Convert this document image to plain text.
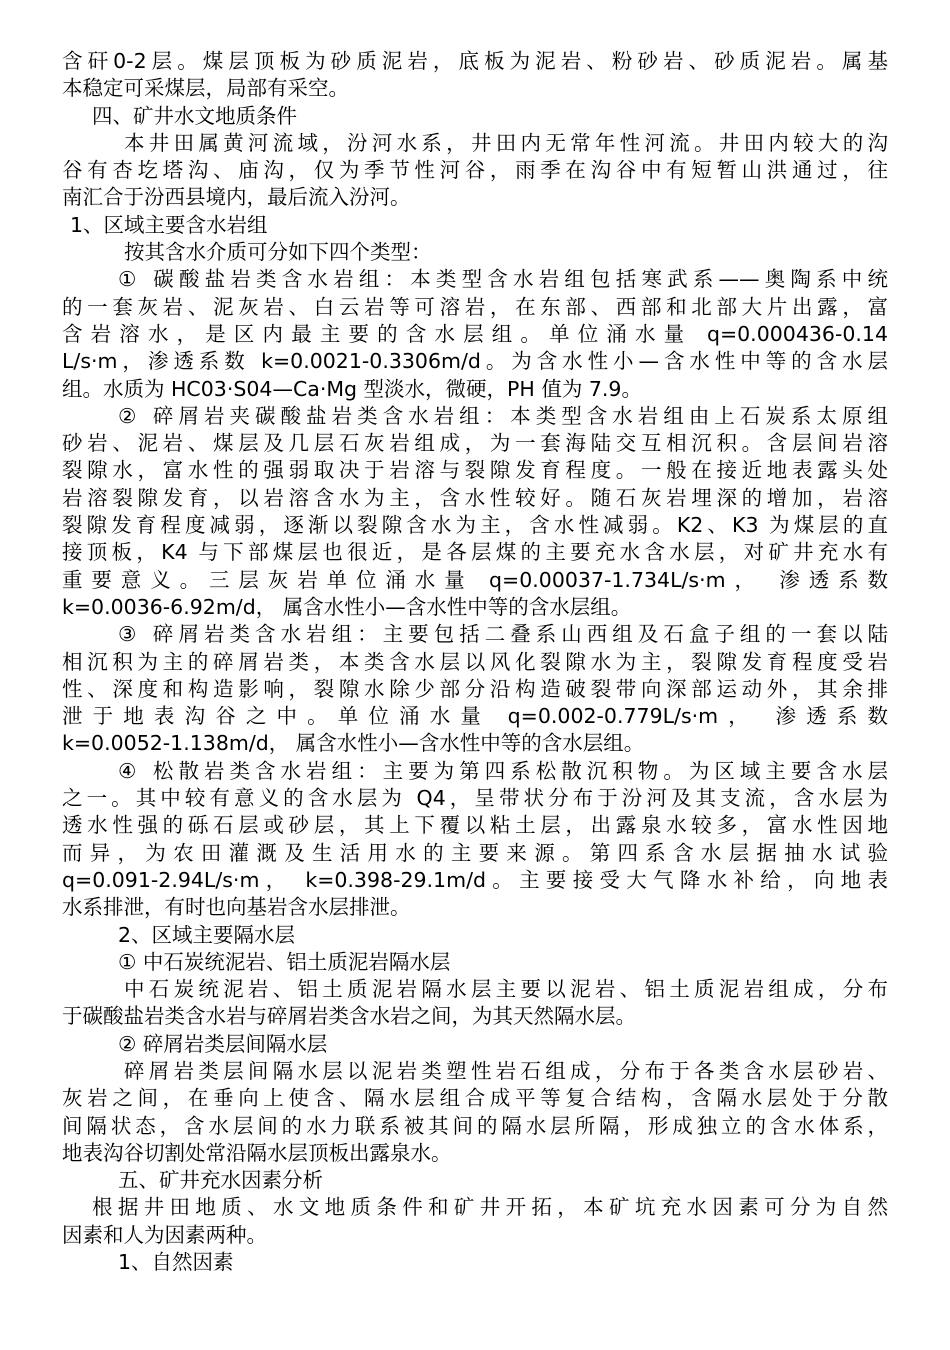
含矸0-2层。煤层顶板为砂质泥岩，底板为泥岩、粉砂岩、砂质泥岩。属基
本稳定可采煤层，局部有采空。
四、矿井水文地质条件
本井田属黄河流域，汾河水系，井田内无常年性河流。井田内较大的沟
谷有杏圪塔沟、庙沟，仅为季节性河谷，雨季在沟谷中有短暂山洪通过，往
南汇合于汾西县境内，最后流入汾河。
1、区域主要含水岩组
按其含水介质可分如下四个类型：
① 碳酸盐岩类含水岩组：本类型含水岩组包括寒武系——奥陶系中统
的一套灰岩、泥灰岩、白云岩等可溶岩，在东部、西部和北部大片出露，富
含岩溶水，是区内最主要的含水层组。单位涌水量 q=0.000436-0.14
L/s·m，渗透系数 k=0.0021-0.3306m/d。为含水性小—含水性中等的含水层
组。水质为 HC03·S04—Ca·Mg 型淡水，微硬，PH 值为 7.9。
② 碎屑岩夹碳酸盐岩类含水岩组：本类型含水岩组由上石炭系太原组
砂岩、泥岩、煤层及几层石灰岩组成，为一套海陆交互相沉积。含层间岩溶
裂隙水，富水性的强弱取决于岩溶与裂隙发育程度。一般在接近地表露头处
岩溶裂隙发育，以岩溶含水为主，含水性较好。随石灰岩埋深的增加，岩溶
裂隙发育程度减弱，逐渐以裂隙含水为主，含水性减弱。K2、K3 为煤层的直
接顶板，K4 与下部煤层也很近，是各层煤的主要充水含水层，对矿井充水有
重要意义。三层灰岩单位涌水量 q=0.00037-1.734L/s·m， 渗透系数
k=0.0036-6.92m/d， 属含水性小—含水性中等的含水层组。
③ 碎屑岩类含水岩组：主要包括二叠系山西组及石盒子组的一套以陆
相沉积为主的碎屑岩类，本类含水层以风化裂隙水为主，裂隙发育程度受岩
性、深度和构造影响，裂隙水除少部分沿构造破裂带向深部运动外，其余排
泄于地表沟谷之中。单位涌水量 q=0.002-0.779L/s·m， 渗透系数
k=0.0052-1.138m/d， 属含水性小—含水性中等的含水层组。
④ 松散岩类含水岩组：主要为第四系松散沉积物。为区域主要含水层
之一。其中较有意义的含水层为 Q4，呈带状分布于汾河及其支流，含水层为
透水性强的砾石层或砂层，其上下覆以粘土层，出露泉水较多，富水性因地
而异，为农田灌溉及生活用水的主要来源。第四系含水层据抽水试验
q=0.091-2.94L/s·m， k=0.398-29.1m/d。主要接受大气降水补给，向地表
水系排泄，有时也向基岩含水层排泄。
2、区域主要隔水层
① 中石炭统泥岩、铝土质泥岩隔水层
中石炭统泥岩、铝土质泥岩隔水层主要以泥岩、铝土质泥岩组成，分布
于碳酸盐岩类含水岩与碎屑岩类含水岩之间，为其天然隔水层。
② 碎屑岩类层间隔水层
碎屑岩类层间隔水层以泥岩类塑性岩石组成，分布于各类含水层砂岩、
灰岩之间，在垂向上使含、隔水层组合成平等复合结构，含隔水层处于分散
间隔状态，含水层间的水力联系被其间的隔水层所隔，形成独立的含水体系，
地表沟谷切割处常沿隔水层顶板出露泉水。
五、矿井充水因素分析
根据井田地质、水文地质条件和矿井开拓，本矿坑充水因素可分为自然
因素和人为因素两种。
1、自然因素
